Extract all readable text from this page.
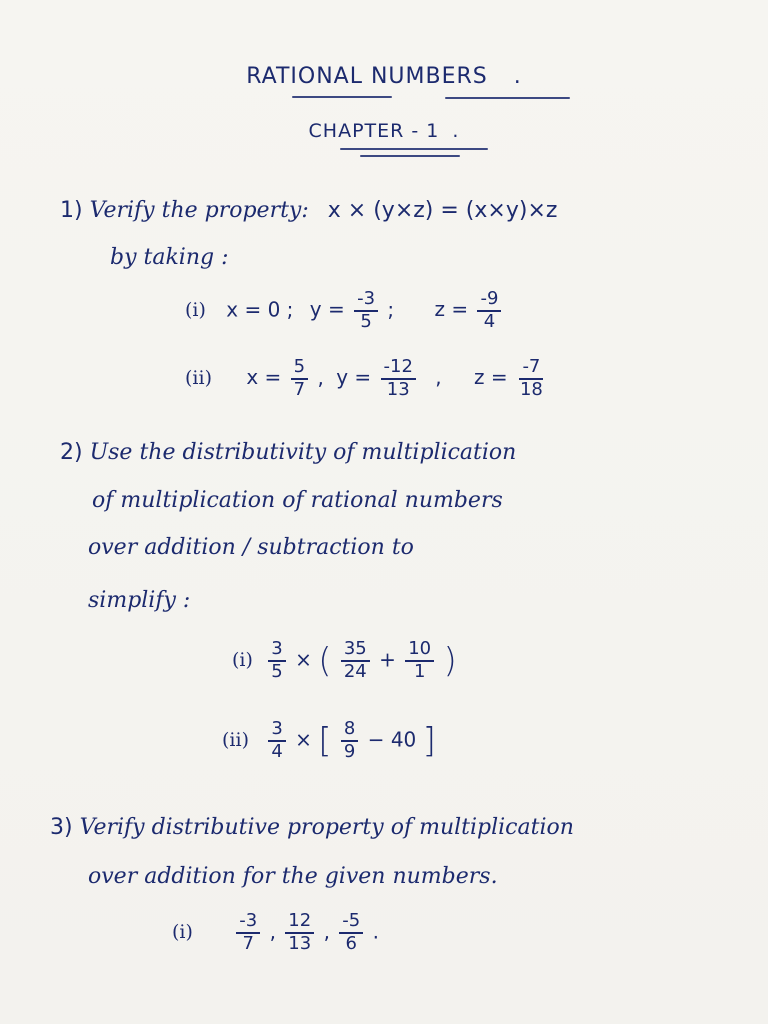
RATIONAL NUMBERS .
CHAPTER - 1 .
1) Verify the property: x × (y×z) = (x×y)×z
by taking :
(i) x = 0 ; $y = \frac{-3}{5}$ ; $z = \frac{-9}{4}$
(ii) $x = \frac{5}{7}$ , $y = \frac{-12}{13}$ , $z = \frac{-7}{18}$
2) Use the distributivity of multiplication
of multiplication of rational numbers
over addition / subtraction to
simplify :
$(i) \frac{3}{5}$ × ( $\frac{35}{24} + \frac{10}{1}$ )
$(ii) \frac{3}{4}$ × [ $\frac{8}{9} - 40$ ]
3) Verify distributive property of multiplication
over addition for the given numbers.
$(i) \frac{-3}{7}$ , $\frac{12}{13}$ , $\frac{-5}{6}$ .
